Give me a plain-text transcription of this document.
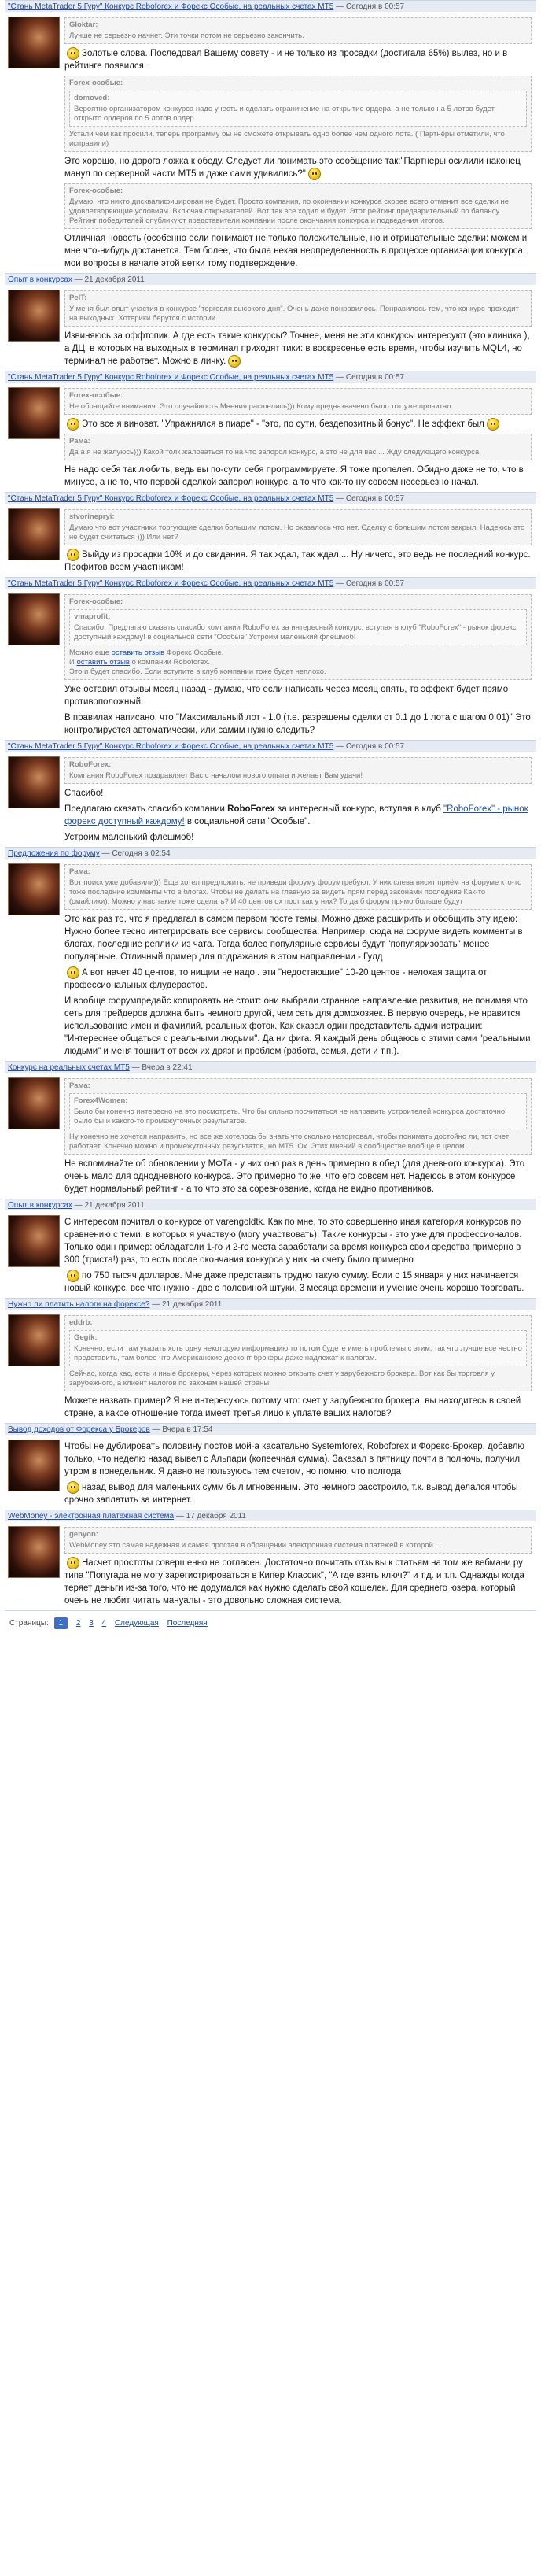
"Стань MetaTrader 5 Гуру" Конкурс Roboforex и Форекс Особые, на реальных счетах МТ5 — Сегодня в 00:57
Gloktar:

Лучше не серьезно начнет. Эти точки потом не серьезно закончить.

Золотые слова. Последовал Вашему совету - и не только из просадки (достигала 65%) вылез, но и в рейтинге появился.

Forex-особые:
domoved:

Вероятно организатором конкурса надо учесть и сделать ограничение на открытие ордера, а не только на 5 лотов будет открыто ордеров по 5 лотов ордер.

Устали чем как просили, теперь программу бы не сможете открывать одно более чем одного лота. ( Партнёры отметили, что исправили)

Это хорошо, но дорога ложка к обеду. Следует ли понимать это сообщение так:"Партнеры осилили наконец манул по серверной части МТ5 и даже сами удивились?"

Forex-особые:

Думаю, что никто дисквалифицирован не будет. Просто компания, по окончании конкурса скорее всего отменит все сделки не удовлетворяющие условиям. Включая открывателей. Вот так все ходил и будет. Этот рейтинг предварительный по балансу. Рейтинг победителей опубликуют представители компании после окончания конкурса и подведения итогов.

Отличная новость (особенно если понимают не только положительные, но и отрицательные сделки: можем и мне что-нибудь достанется. Тем более, что была некая неопределенность в процессе организации конкурса: мои вопросы в начале этой ветки тому подтверждение.

Опыт в конкурсах — 21 декабря 2011
PelT:

У меня был опыт участия в конкурсе "торговля высокого дня". Очень даже понравилось. Понравилось тем, что конкурс проходит на выходных. Хотерики берутся с истории.

Извиняюсь за оффтопик. А где есть такие конкурсы? Точнее, меня не эти конкурсы интересуют (это клиника ), а ДЦ, в которых на выходных в терминал приходят тики: в воскресенье есть время, чтобы изучить MQL4, но терминал не работает. Можно в личку.

"Стань MetaTrader 5 Гуру" Конкурс Roboforex и Форекс Особые, на реальных счетах МТ5 — Сегодня в 00:57
Forex-особые:

Не обращайте внимания. Это случайность Мнения расшелись))) Кому предназначено было тот уже прочитал.

Это все я виноват. "Упражнялся в пиаре" - "это, по сути, бездепозитный бонус". Не эффект был

Рама:

Да а я не жалуюсь))) Какой толк жаловаться то на что запорол конкурс, а это не для вас ... Жду следующего конкурса.

Не надо себя так любить, ведь вы по-сути себя программируете. Я тоже пропелел. Обидно даже не то, что в минусе, а не то, что первой сделкой запорол конкурс, а то что как-то ну совсем несерьезно начал.

"Стань MetaTrader 5 Гуру" Конкурс Roboforex и Форекс Особые, на реальных счетах МТ5 — Сегодня в 00:57
stvorinepryi:

Думаю что вот участники торгующие сделки большим лотом. Но оказалось что нет. Сделку с большим лотом закрыл. Надеюсь это не будет считаться ))) Или нет?

Выйду из просадки 10% и до свидания. Я так ждал, так ждал.... Ну ничего, это ведь не последний конкурс. Профитов всем участникам!

"Стань MetaTrader 5 Гуру" Конкурс Roboforex и Форекс Особые, на реальных счетах МТ5 — Сегодня в 00:57
Forex-особые:
vmaprofit:

Спасибо! Предлагаю сказать спасибо компании RoboForex за интересный конкурс, вступая в клуб "RoboForex" - рынок форекс доступный каждому! в социальной сети "Особые" Устроим маленький флешмоб!

Можно еще оставить отзыв Форекс Особые.

И оставить отзыв о компании Roboforex.

Это и будет спасибо. Если вступите в клуб компании тоже будет неплохо.

Уже оставил отзывы месяц назад - думаю, что если написать через месяц опять, то эффект будет прямо противоположный.

В правилах написано, что "Максимальный лот - 1.0 (т.е. разрешены сделки от 0.1 до 1 лота с шагом 0.01)" Это контролируется автоматически, или самим нужно следить?

"Стань MetaTrader 5 Гуру" Конкурс Roboforex и Форекс Особые, на реальных счетах МТ5 — Сегодня в 00:57
RoboForex:

Компания RoboForex поздравляет Вас с началом нового опыта и желает Вам удачи!

Спасибо!

Предлагаю сказать спасибо компании RoboForex за интересный конкурс, вступая в клуб "RoboForex" - рынок форекс доступный каждому! в социальной сети "Особые".

Устроим маленький флешмоб!

Предложения по форуму — Сегодня в 02:54
Рама:

Вот поиск уже добавили))) Еще хотел предложить: не приведи форуму форумтребуют. У них слева висит приём на форуме кто-то тоже последние комменты что в блогах. Чтобы не делать на главную за видеть прям перед законами последние Как-то (смайлики). Можно у нас такие тоже сделать? И 40 центов ох пост как у них? Тогда б форум прямо больше будут

Это как раз то, что я предлагал в самом первом посте темы. Можно даже расширить и обобщить эту идею: Нужно более тесно интегрировать все сервисы сообщества. Например, сюда на форуме видеть комменты в блогах, последние реплики из чата. Тогда более популярные сервисы будут "популяризовать" менее популярные. Отличный пример для подражания в этом направлении - Гулд

А вот начет 40 центов, то нищим не надо . эти "недостающие" 10-20 центов - нелохая защита от профессиональных флудерастов.

И вообще форумпредайс копировать не стоит: они выбрали странное направление развития, не понимая что сеть для трейдеров должна быть немного другой, чем сеть для домохозяек. В первую очередь, не нравится использование имен и фамилий, реальных фоток. Как сказал один представитель администрации: "Интереснее общаться с реальными людьми". Да ни фига. Я каждый день общаюсь с этими сами "реальными людьми" и меня тошнит от всех их дрязг и проблем (работа, семья, дети и т.п.).

Конкурс на реальных счетах МТ5 — Вчера в 22:41
Рама:
Forex4Women:

Было бы конечно интересно на это посмотреть. Что бы сильно посчитаться не направить устроителей конкурса достаточно было бы и какого-то промежуточных результатов.

Ну конечно не хочется направить, но все же хотелось бы знать что сколько наторговал, чтобы понимать достойно ли, тот счет работает. Конечно можно и промежуточных результатов, но МТ5. Ох. Этих мнений в сообществе вообще в целом ...

Не вспоминайте об обновлении у МФТа - у них оно раз в день примерно в обед (для дневного конкурса). Это очень мало для однодневного конкурса. Это примерно то же, что его совсем нет. Надеюсь в этом конкурсе будет нормальный рейтинг - а то что это за соревнование, когда не видно противников.

Опыт в конкурсах — 21 декабря 2011

С интересом почитал о конкурсе от varengoldtk. Как по мне, то это совершенно иная категория конкурсов по сравнению с теми, в которых я участвую (могу участвовать). Такие конкурсы - это уже для профессионалов. Только один пример: обладатели 1-го и 2-го места заработали за время конкурса свои средства примерно в 300 (триста!) раз, то есть после окончания конкурса у них на счету было примерно

по 750 тысяч долларов. Мне даже представить трудно такую сумму. Если с 15 января у них начинается новый конкурс, все что нужно - две с половиной штуки, 3 месяца времени и умение очень хорошо торговать.

Нужно ли платить налоги на форексе? — 21 декабря 2011
eddrb:
Gegik:

Конечно, если там указать хоть одну некоторую информацию то потом будете иметь проблемы с этим, так что лучше все честно представить, там более что Американские десконт брокеры даже надлежат к налогам.

Сейчас, когда кас, есть и иные брокеры, через которых можно открыть счет у зарубежного брокера. Вот как бы торговля у зарубежного, а клиент налогов по законам нашей страны

Можете назвать пример? Я не интересуюсь потому что: счет у зарубежного брокера, вы находитесь в своей стране, а какое отношение тогда имеет третья лицо к уплате ваших налогов?

Вывод доходов от Форекса у Брокеров — Вчера в 17:54

Чтобы не дублировать половину постов мой-а касательно Systemforex, Roboforex и Форекс-Брокер, добавлю только, что неделю назад вывел с Альпари (копеечная сумма). Заказал в пятницу почти в полночь, получил утром в понедельник. Я давно не пользуюсь тем счетом, но помню, что полгода

назад вывод для маленьких сумм был мгновенным. Это немного расстроило, т.к. вывод делался чтобы срочно заплатить за интернет.

WebMoney - электронная платежная система — 17 декабря 2011
genyon:

WebMoney это самая надежная и самая простая в обращении электронная система платежей в которой ...

Насчет простоты совершенно не согласен. Достаточно почитать отзывы к статьям на том же вебмани ру типа "Попугада не могу зарегистрироваться в Кипер Классик", "А где взять ключ?" и т.д. и т.п. Однажды когда теряет деньги из-за того, что не додумался как нужно сделать свой кошелек. Для среднего юзера, который очень не любит читать мануалы - это довольно сложная система.

Страницы: 1 2 3 4 Следующая Последняя
